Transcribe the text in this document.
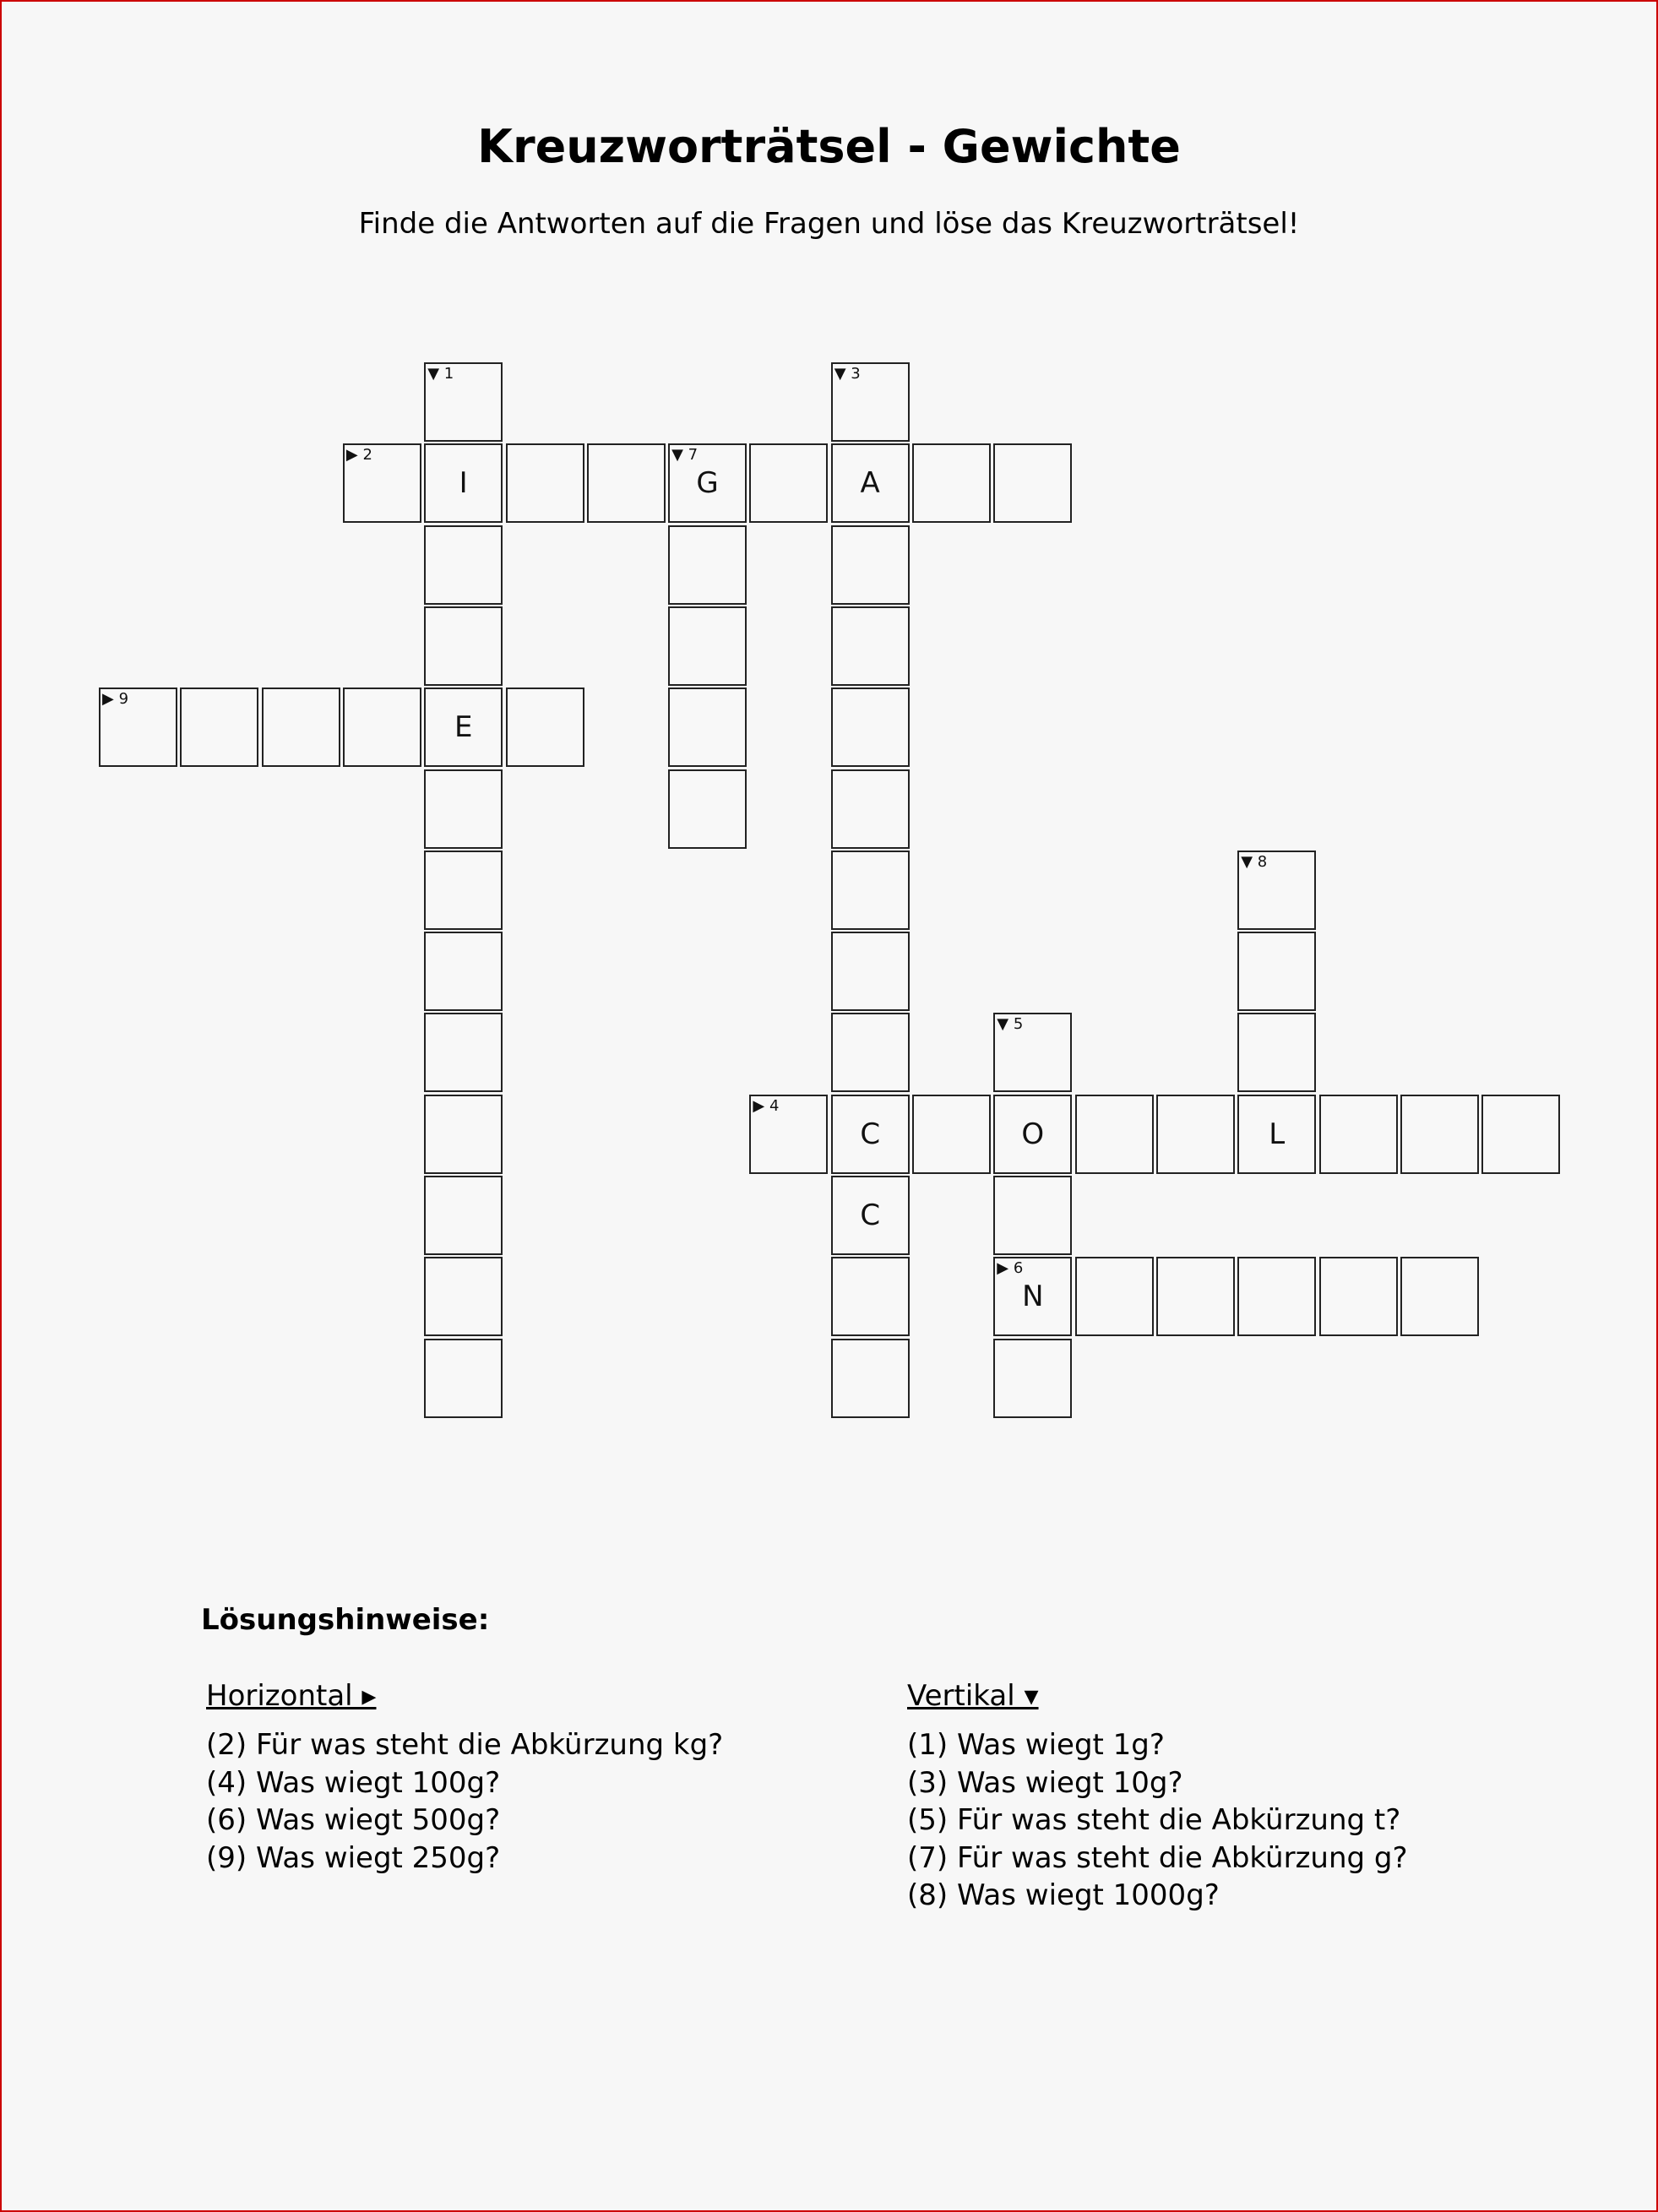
Kreuzworträtsel - Gewichte
Finde die Antworten auf die Fragen und löse das Kreuzworträtsel!
▼ 1
I
E
▶ 2	▼ 7
G	A
▼ 3
C
C
▶ 4
O	L
▼ 5
▶ 6
N
▼ 8
▶ 9
Lösungshinweise:
Horizontal ▸
(2) Für was steht die Abkürzung kg?
(4) Was wiegt 100g?
(6) Was wiegt 500g?
(9) Was wiegt 250g?
Vertikal ▾
(1) Was wiegt 1g?
(3) Was wiegt 10g?
(5) Für was steht die Abkürzung t?
(7) Für was steht die Abkürzung g?
(8) Was wiegt 1000g?
